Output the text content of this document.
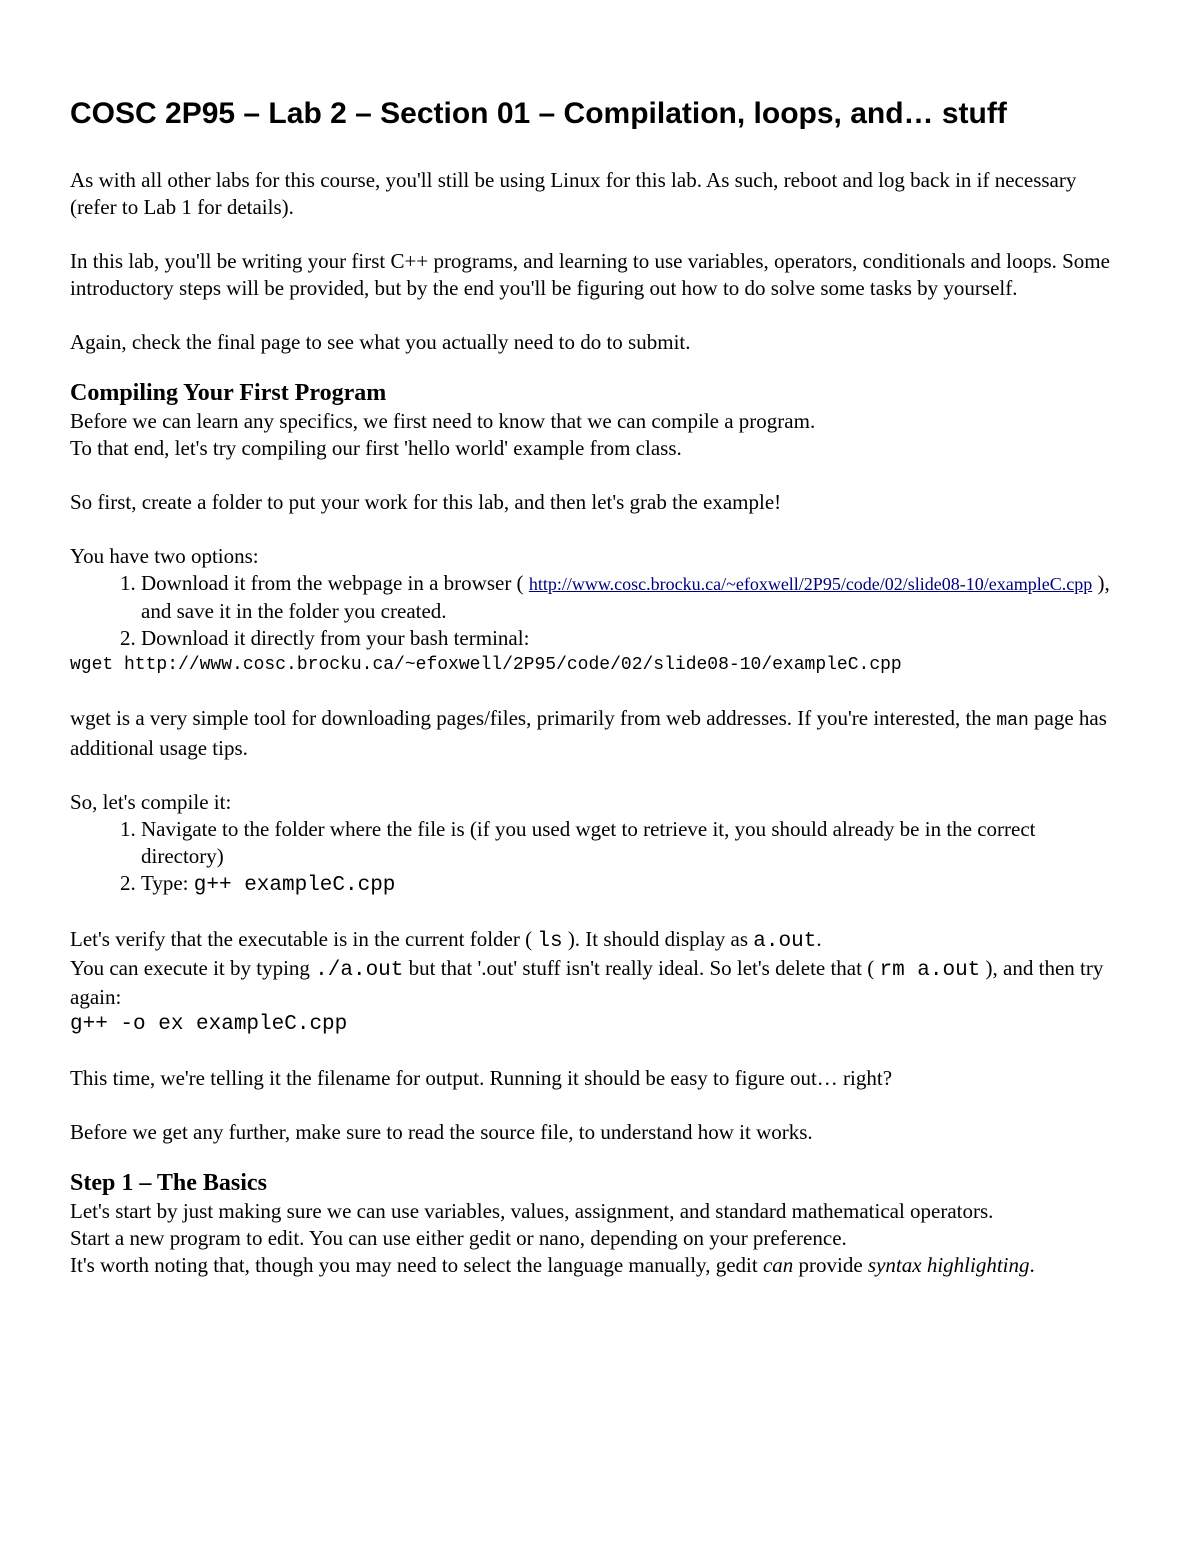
COSC 2P95 – Lab 2 – Section 01 – Compilation, loops, and… stuff

As with all other labs for this course, you'll still be using Linux for this lab. As such, reboot and log back in if necessary (refer to Lab 1 for details).

In this lab, you'll be writing your first C++ programs, and learning to use variables, operators, conditionals and loops. Some introductory steps will be provided, but by the end you'll be figuring out how to do solve some tasks by yourself.

Again, check the final page to see what you actually need to do to submit.

Compiling Your First Program

Before we can learn any specifics, we first need to know that we can compile a program.

To that end, let's try compiling our first 'hello world' example from class.

So first, create a folder to put your work for this lab, and then let's grab the example!

You have two options:

1. Download it from the webpage in a browser ( http://www.cosc.brocku.ca/~efoxwell/2P95/code/02/slide08-10/exampleC.cpp ), and save it in the folder you created.
2. Download it directly from your bash terminal:
wget http://www.cosc.brocku.ca/~efoxwell/2P95/code/02/slide08-10/exampleC.cpp

wget is a very simple tool for downloading pages/files, primarily from web addresses. If you're interested, the man page has additional usage tips.

So, let's compile it:

1. Navigate to the folder where the file is (if you used wget to retrieve it, you should already be in the correct directory)
2. Type: g++ exampleC.cpp

Let's verify that the executable is in the current folder ( ls ). It should display as a.out.

You can execute it by typing ./a.out but that '.out' stuff isn't really ideal. So let's delete that ( rm a.out ), and then try again:

g++ -o ex exampleC.cpp

This time, we're telling it the filename for output. Running it should be easy to figure out… right?

Before we get any further, make sure to read the source file, to understand how it works.

Step 1 – The Basics

Let's start by just making sure we can use variables, values, assignment, and standard mathematical operators.

Start a new program to edit. You can use either gedit or nano, depending on your preference.

It's worth noting that, though you may need to select the language manually, gedit can provide syntax highlighting.
